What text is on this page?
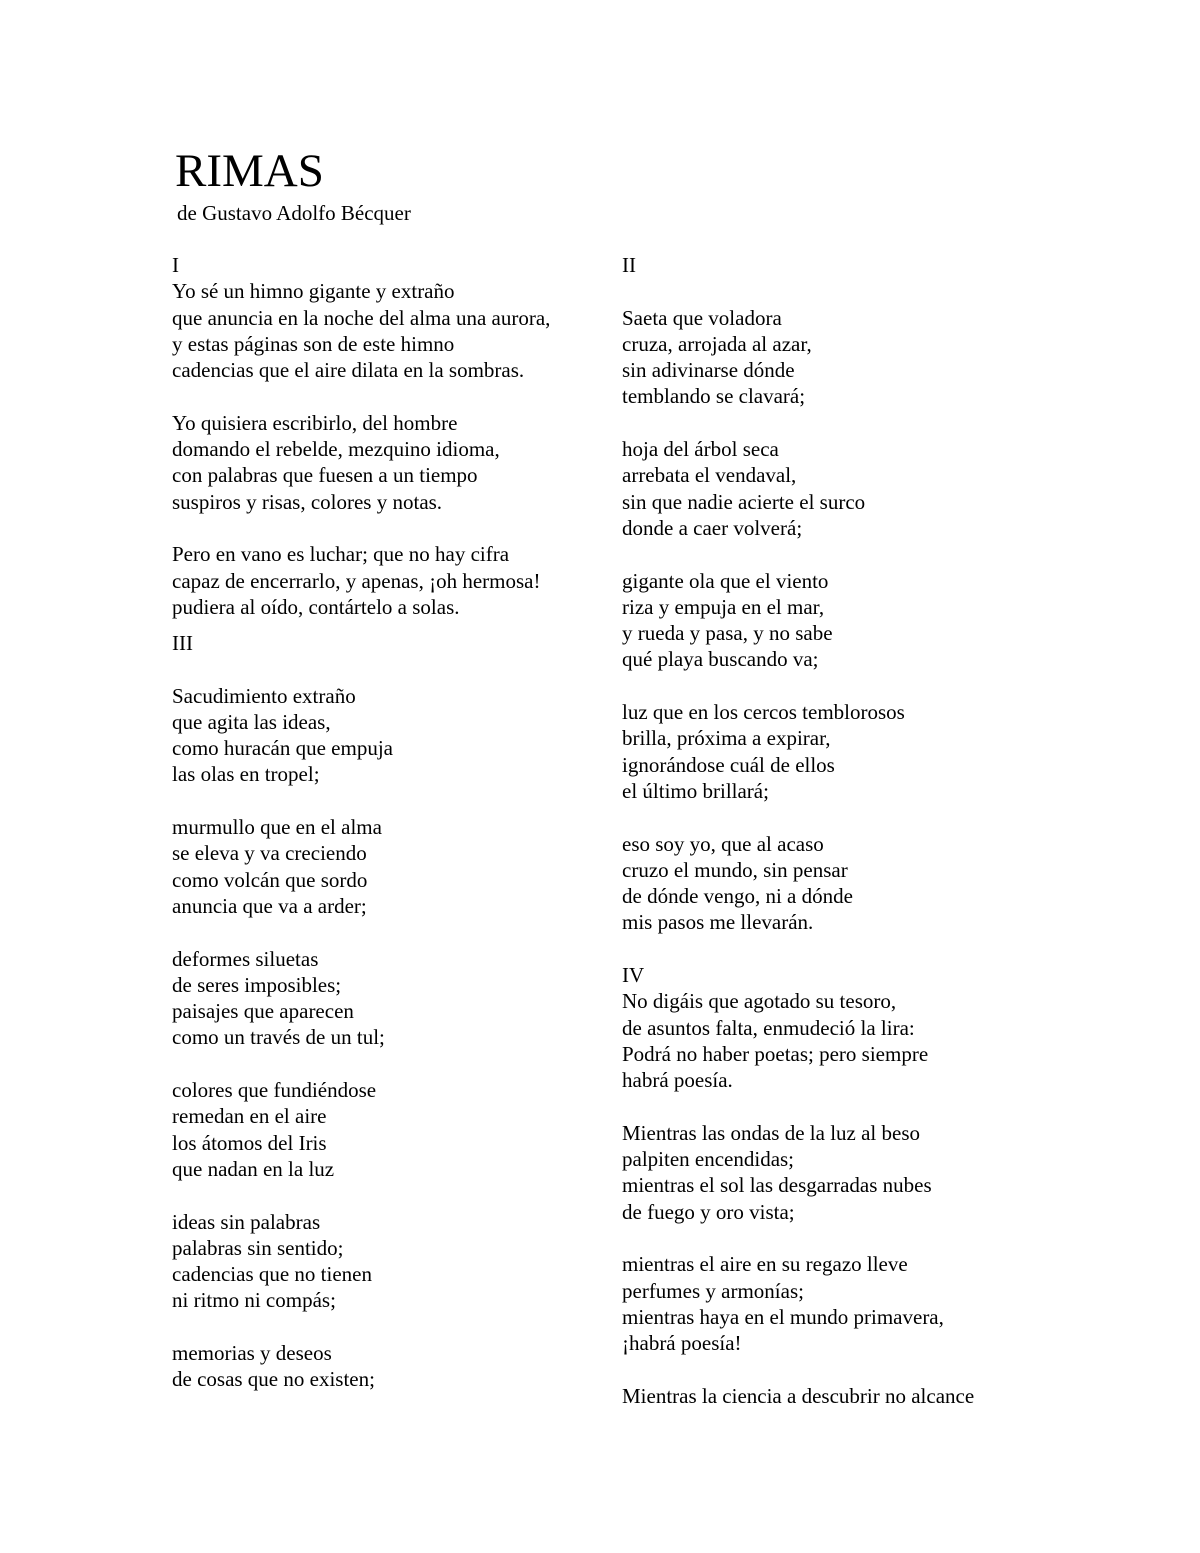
RIMAS

de Gustavo Adolfo Bécquer

I
Yo sé un himno gigante y extraño
que anuncia en la noche del alma una aurora,
y estas páginas son de este himno
cadencias que el aire dilata en la sombras.
Yo quisiera escribirlo, del hombre
domando el rebelde, mezquino idioma,
con palabras que fuesen a un tiempo
suspiros y risas, colores y notas.
Pero en vano es luchar; que no hay cifra
capaz de encerrarlo, y apenas, ¡oh hermosa!
pudiera al oído, contártelo a solas.
III
Sacudimiento extraño
que agita las ideas,
como huracán que empuja
las olas en tropel;
murmullo que en el alma
se eleva y va creciendo
como volcán que sordo
anuncia que va a arder;
deformes siluetas
de seres imposibles;
paisajes que aparecen
como un través de un tul;
colores que fundiéndose
remedan en el aire
los átomos del Iris
que nadan en la luz
ideas sin palabras
palabras sin sentido;
cadencias que no tienen
ni ritmo ni compás;
memorias y deseos
de cosas que no existen;
II
Saeta que voladora
cruza, arrojada al azar,
sin adivinarse dónde
temblando se clavará;
hoja del árbol seca
arrebata el vendaval,
sin que nadie acierte el surco
donde a caer volverá;
gigante ola que el viento
riza y empuja en el mar,
y rueda y pasa, y no sabe
qué playa buscando va;
luz que en los cercos temblorosos
brilla, próxima a expirar,
ignorándose cuál de ellos
el último brillará;
eso soy yo, que al acaso
cruzo el mundo, sin pensar
de dónde vengo, ni a dónde
mis pasos me llevarán.
IV
No digáis que agotado su tesoro,
de asuntos falta, enmudeció la lira:
Podrá no haber poetas; pero siempre
habrá poesía.
Mientras las ondas de la luz al beso
palpiten encendidas;
mientras el sol las desgarradas nubes
de fuego y oro vista;
mientras el aire en su regazo lleve
perfumes y armonías;
mientras haya en el mundo primavera,
¡habrá poesía!
Mientras la ciencia a descubrir no alcance
